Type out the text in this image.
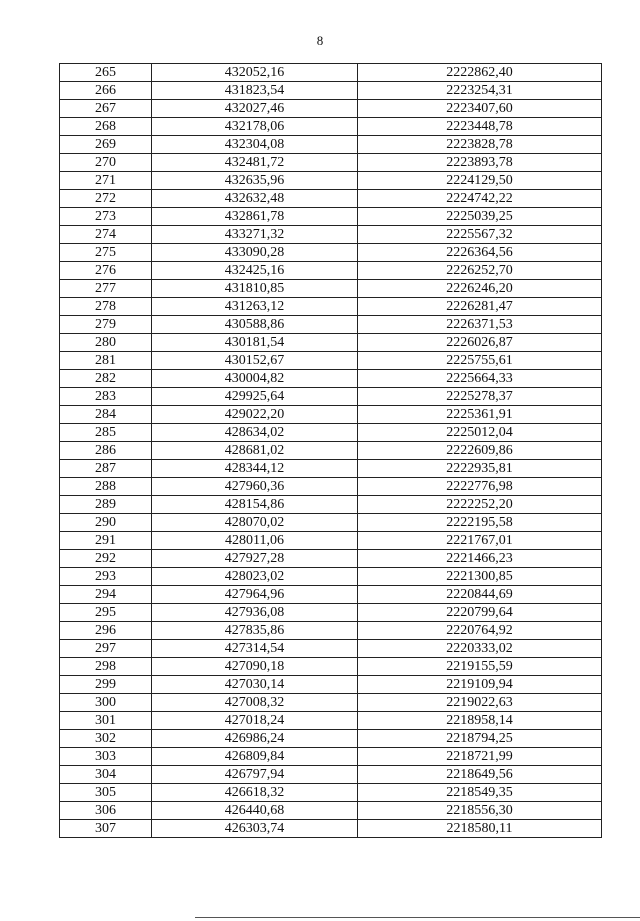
8
265	432052,16	2222862,40
266	431823,54	2223254,31
267	432027,46	2223407,60
268	432178,06	2223448,78
269	432304,08	2223828,78
270	432481,72	2223893,78
271	432635,96	2224129,50
272	432632,48	2224742,22
273	432861,78	2225039,25
274	433271,32	2225567,32
275	433090,28	2226364,56
276	432425,16	2226252,70
277	431810,85	2226246,20
278	431263,12	2226281,47
279	430588,86	2226371,53
280	430181,54	2226026,87
281	430152,67	2225755,61
282	430004,82	2225664,33
283	429925,64	2225278,37
284	429022,20	2225361,91
285	428634,02	2225012,04
286	428681,02	2222609,86
287	428344,12	2222935,81
288	427960,36	2222776,98
289	428154,86	2222252,20
290	428070,02	2222195,58
291	428011,06	2221767,01
292	427927,28	2221466,23
293	428023,02	2221300,85
294	427964,96	2220844,69
295	427936,08	2220799,64
296	427835,86	2220764,92
297	427314,54	2220333,02
298	427090,18	2219155,59
299	427030,14	2219109,94
300	427008,32	2219022,63
301	427018,24	2218958,14
302	426986,24	2218794,25
303	426809,84	2218721,99
304	426797,94	2218649,56
305	426618,32	2218549,35
306	426440,68	2218556,30
307	426303,74	2218580,11
